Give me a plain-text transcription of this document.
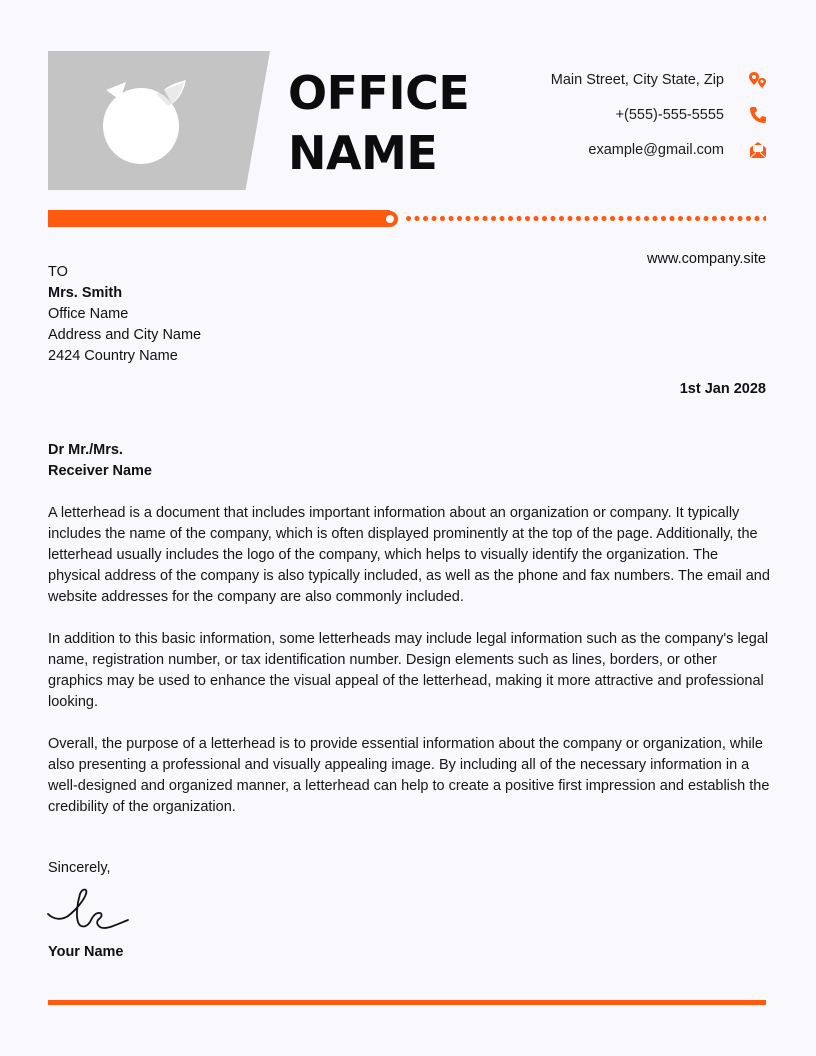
OFFICE
NAME
Main Street, City State, Zip
+(555)-555-5555
example@gmail.com
www.company.site
TO
Mrs. Smith
Office Name
Address and City Name
2424 Country Name
1st Jan 2028
Dr Mr./Mrs.
Receiver Name

A letterhead is a document that includes important information about an organization or company. It typically includes the name of the company, which is often displayed prominently at the top of the page. Additionally, the letterhead usually includes the logo of the company, which helps to visually identify the organization. The physical address of the company is also typically included, as well as the phone and fax numbers. The email and website addresses for the company are also commonly included.

In addition to this basic information, some letterheads may include legal information such as the company's legal name, registration number, or tax identification number. Design elements such as lines, borders, or other graphics may be used to enhance the visual appeal of the letterhead, making it more attractive and professional looking.

Overall, the purpose of a letterhead is to provide essential information about the company or organization, while also presenting a professional and visually appealing image. By including all of the necessary information in a well-designed and organized manner, a letterhead can help to create a positive first impression and establish the credibility of the organization.

Sincerely,
Your Name
